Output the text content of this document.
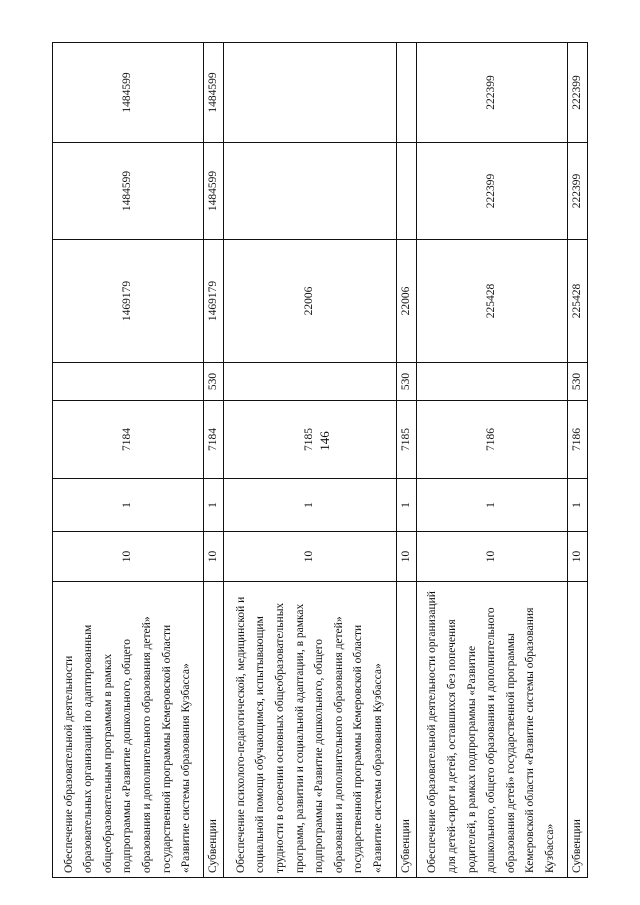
146
Обеспечение образовательной деятельности образовательных организаций по адаптированным общеобразовательным программам в рамках подпрограммы «Развитие дошкольного, общего образования и дополнительного образования детей» государственной программы Кемеровской области «Развитие системы образования Кузбасса»	10	1	7184		1469179	1484599	1484599
Субвенции	10	1	7184	530	1469179	1484599	1484599
Обеспечение психолого-педагогической, медицинской и социальной помощи обучающимся, испытывающим трудности в освоении основных общеобразовательных программ, развитии и социальной адаптации, в рамках подпрограммы «Развитие дошкольного, общего образования и дополнительного образования детей» государственной программы Кемеровской области «Развитие системы образования Кузбасса»	10	1	7185		22006		
Субвенции	10	1	7185	530	22006		
Обеспечение образовательной деятельности организаций для детей-сирот и детей, оставшихся без попечения родителей, в рамках подпрограммы «Развитие дошкольного, общего образования и дополнительного образования детей» государственной программы Кемеровской области «Развитие системы образования Кузбасса»	10	1	7186		225428	222399	222399
Субвенции	10	1	7186	530	225428	222399	222399
